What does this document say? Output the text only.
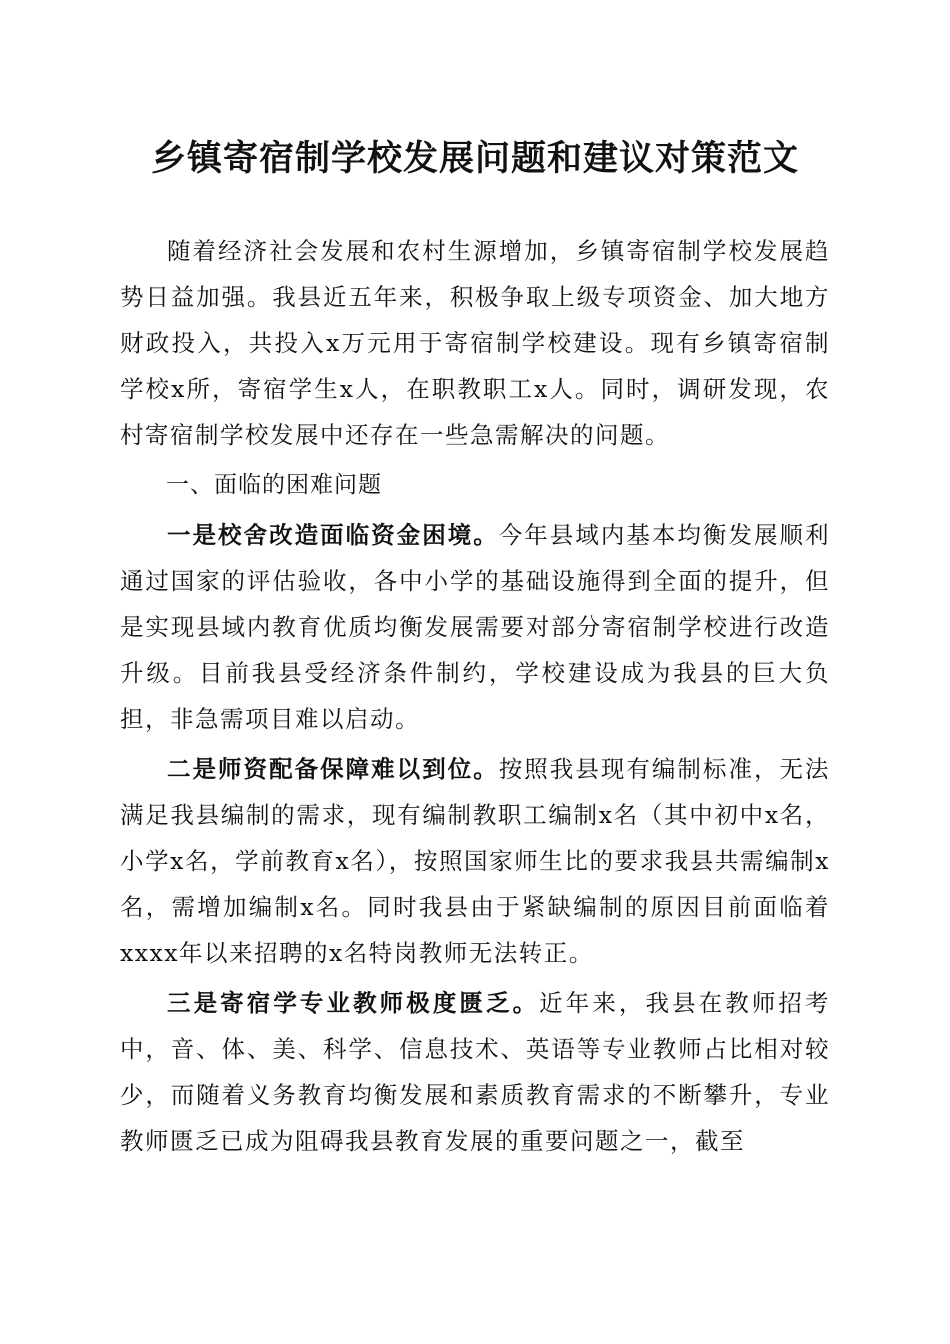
乡镇寄宿制学校发展问题和建议对策范文

随着经济社会发展和农村生源增加，乡镇寄宿制学校发展趋势日益加强。我县近五年来，积极争取上级专项资金、加大地方财政投入，共投入x万元用于寄宿制学校建设。现有乡镇寄宿制学校x所，寄宿学生x人，在职教职工x人。同时，调研发现，农村寄宿制学校发展中还存在一些急需解决的问题。

一、面临的困难问题

一是校舍改造面临资金困境。今年县域内基本均衡发展顺利通过国家的评估验收，各中小学的基础设施得到全面的提升，但是实现县域内教育优质均衡发展需要对部分寄宿制学校进行改造升级。目前我县受经济条件制约，学校建设成为我县的巨大负担，非急需项目难以启动。

二是师资配备保障难以到位。按照我县现有编制标准，无法满足我县编制的需求，现有编制教职工编制x名（其中初中x名，小学x名，学前教育x名），按照国家师生比的要求我县共需编制x名，需增加编制x名。同时我县由于紧缺编制的原因目前面临着xxxx年以来招聘的x名特岗教师无法转正。

三是寄宿学专业教师极度匮乏。近年来，我县在教师招考中，音、体、美、科学、信息技术、英语等专业教师占比相对较少，而随着义务教育均衡发展和素质教育需求的不断攀升，专业教师匮乏已成为阻碍我县教育发展的重要问题之一，截至
